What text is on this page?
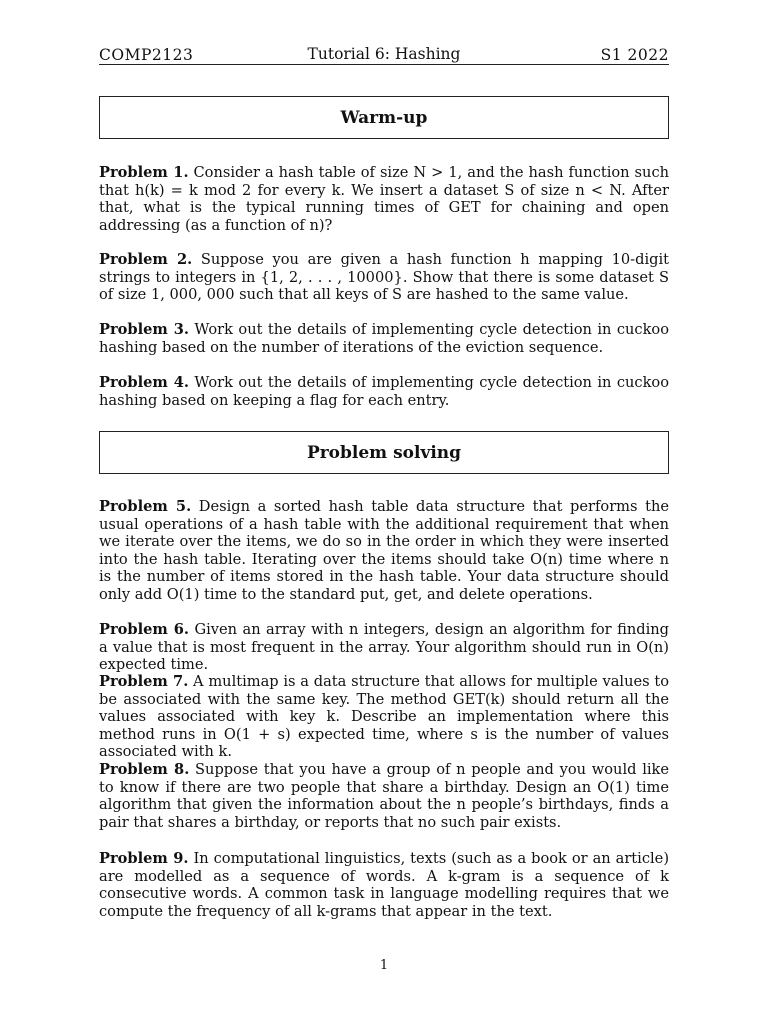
COMP2123	Tutorial 6: Hashing	S1 2022
Warm-up
Problem 1. Consider a hash table of size N > 1, and the hash function such that h(k) = k mod 2 for every k. We insert a dataset S of size n < N. After that, what is the typical running times of GET for chaining and open addressing (as a function of n)?
Problem 2. Suppose you are given a hash function h mapping 10-digit strings to integers in {1, 2, . . . , 10000}. Show that there is some dataset S of size 1, 000, 000 such that all keys of S are hashed to the same value.
Problem 3. Work out the details of implementing cycle detection in cuckoo hashing based on the number of iterations of the eviction sequence.
Problem 4. Work out the details of implementing cycle detection in cuckoo hashing based on keeping a flag for each entry.
Problem solving
Problem 5. Design a sorted hash table data structure that performs the usual operations of a hash table with the additional requirement that when we iterate over the items, we do so in the order in which they were inserted into the hash table. Iterating over the items should take O(n) time where n is the number of items stored in the hash table. Your data structure should only add O(1) time to the standard put, get, and delete operations.
Problem 6. Given an array with n integers, design an algorithm for finding a value that is most frequent in the array. Your algorithm should run in O(n) expected time.
Problem 7. A multimap is a data structure that allows for multiple values to be associated with the same key. The method GET(k) should return all the values associated with key k. Describe an implementation where this method runs in O(1 + s) expected time, where s is the number of values associated with k.
Problem 8. Suppose that you have a group of n people and you would like to know if there are two people that share a birthday. Design an O(1) time algorithm that given the information about the n people’s birthdays, finds a pair that shares a birthday, or reports that no such pair exists.
Problem 9. In computational linguistics, texts (such as a book or an article) are modelled as a sequence of words. A k-gram is a sequence of k consecutive words. A common task in language modelling requires that we compute the frequency of all k-grams that appear in the text.
1
